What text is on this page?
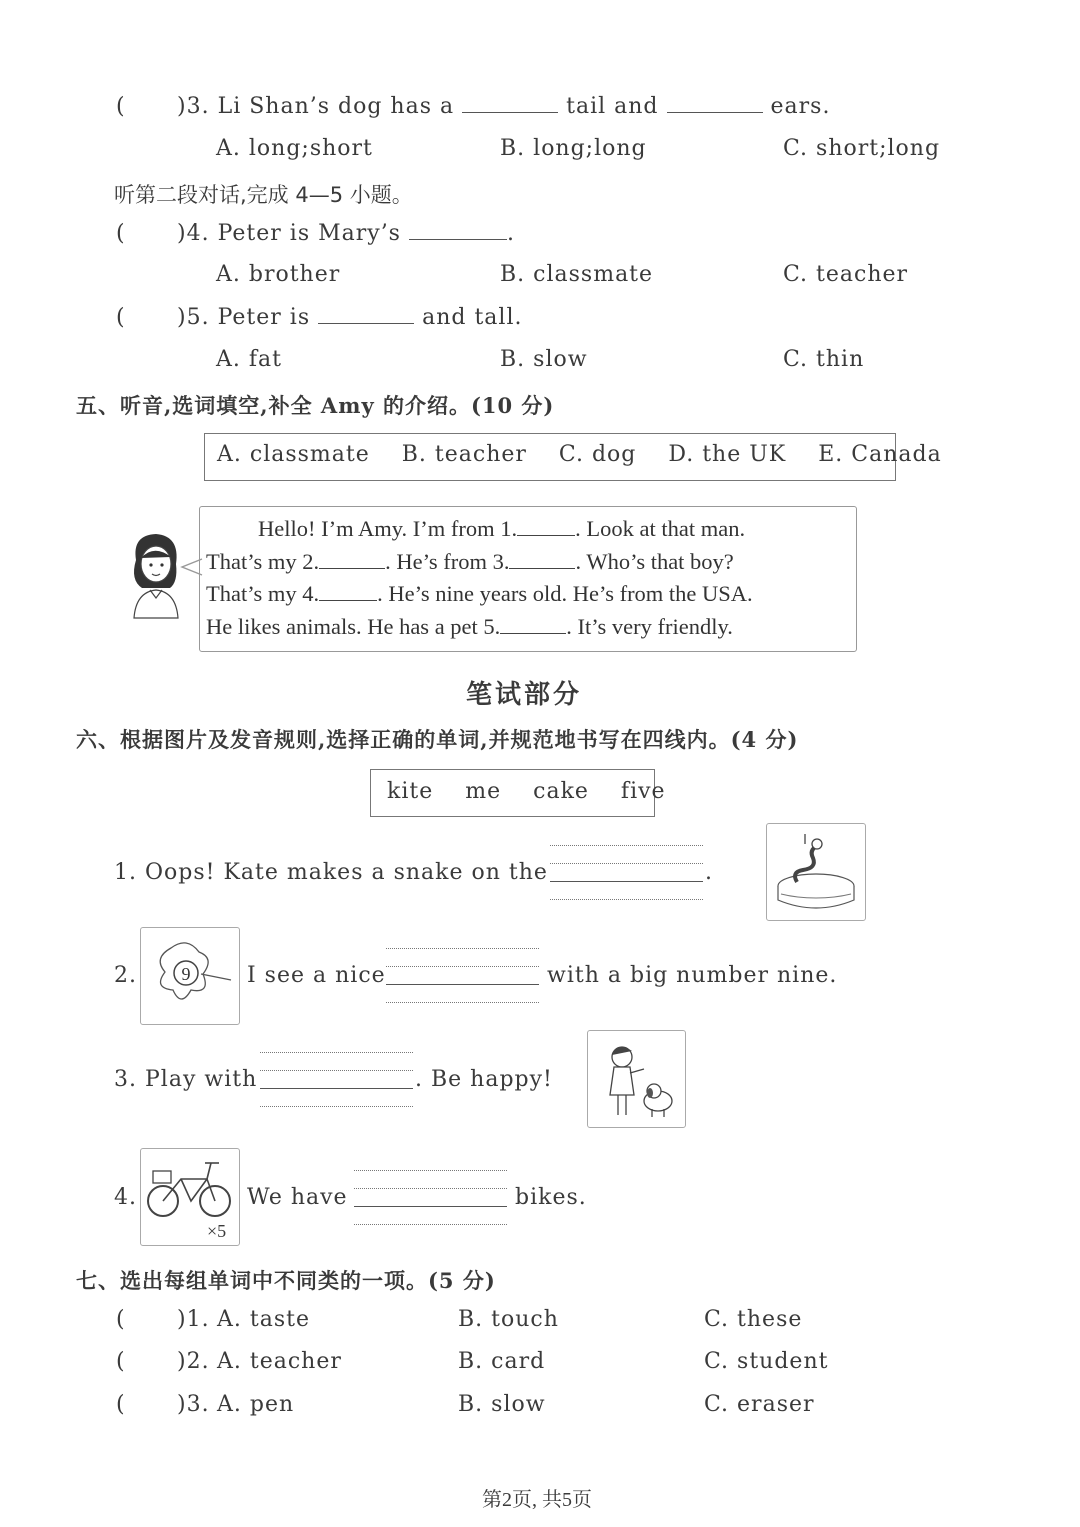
( )3. Li Shan’s dog has a	tail and	ears.
A. long;short	B. long;long	C. short;long
听第二段对话,完成 4—5 小题。
( )4. Peter is Mary’s	.
A. brother	B. classmate	C. teacher
( )5. Peter is	and tall.
A. fat	B. slow	C. thin
五、听音,选词填空,补全 Amy 的介绍。(10 分)
A. classmate B. teacher C. dog D. the UK E. Canada
Hello! I’m Amy. I’m from 1.	. Look at that man.
That’s my 2.	. He’s from 3.	. Who’s that boy?
That’s my 4.	. He’s nine years old. He’s from the USA.
He likes animals. He has a pet 5.	. It’s very friendly.
笔试部分
六、根据图片及发音规则,选择正确的单词,并规范地书写在四线内。(4 分)
kite me cake five
1. Oops! Kate makes a snake on the	.
2. 9	I see a nice	with a big number nine.
3. Play with	. Be happy!
4.
×5
We have	bikes.
七、选出每组单词中不同类的一项。(5 分)
( )1. A. taste	B. touch	C. these
( )2. A. teacher	B. card	C. student
( )3. A. pen	B. slow	C. eraser
第2页, 共5页
